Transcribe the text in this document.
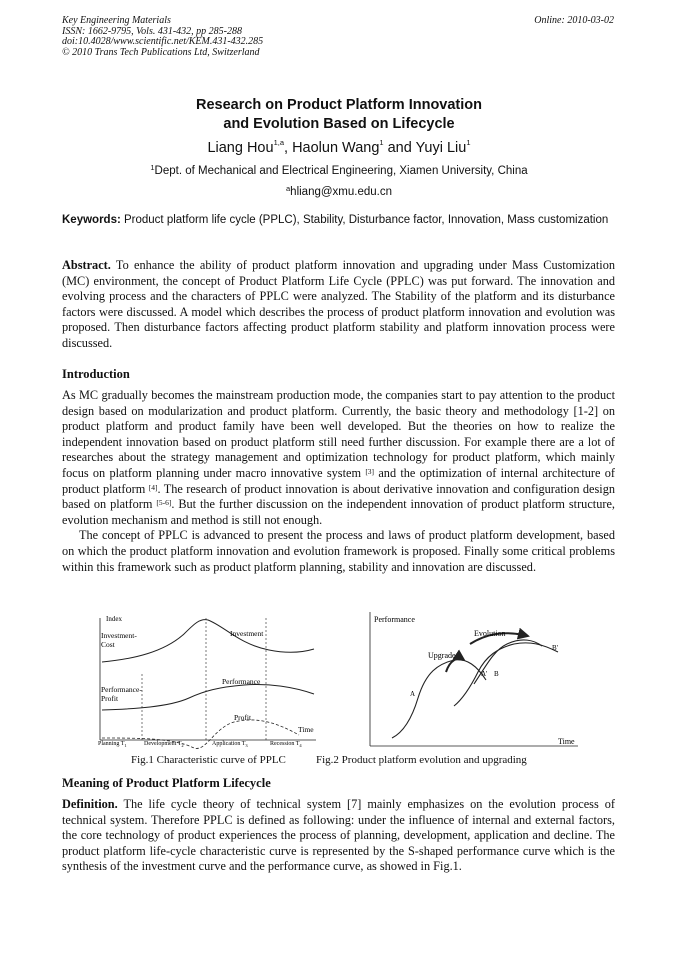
Key Engineering Materials
ISSN: 1662-9795, Vols. 431-432, pp 285-288
doi:10.4028/www.scientific.net/KEM.431-432.285
© 2010 Trans Tech Publications Ltd, Switzerland
Online: 2010-03-02
Research on Product Platform Innovation
and Evolution Based on Lifecycle
Liang Hou$^{1,a}$, Haolun Wang$^1$ and Yuyi Liu$^1$
$^1$Dept. of Mechanical and Electrical Engineering, Xiamen University, China
$^a$hliang@xmu.edu.cn
Keywords: Product platform life cycle (PPLC), Stability, Disturbance factor, Innovation, Mass customization
Abstract. To enhance the ability of product platform innovation and upgrading under Mass Customization (MC) environment, the concept of Product Platform Life Cycle (PPLC) was put forward. The innovation and evolving process and the characters of PPLC were analyzed. The Stability of the platform and its disturbance factors were discussed. A model which describes the process of product platform innovation and evolution was proposed. Then disturbance factors affecting product platform stability and platform innovation process were discussed.
Introduction
As MC gradually becomes the mainstream production mode, the companies start to pay attention to the product design based on modularization and product platform. Currently, the basic theory and methodology [1-2] on product platform and product family have been well developed. But the theories on how to realize the independent innovation based on product platform still need further discussion. For example there are a lot of researches about the strategy management and optimization technology for product platform, which mainly focus on platform planning under macro innovative system [3] and the optimization of internal architecture of product platform [4]. The research of product innovation is about derivative innovation and configuration design based on platform [5-6]. But the further discussion on the independent innovation of product platform structure, evolution mechanism and method is still not enough.
The concept of PPLC is advanced to present the process and laws of product platform development, based on which the product platform innovation and evolution framework is proposed. Finally some critical problems within this framework such as product platform planning, stability and innovation are discussed.
Index
Investment-
Cost
Investment
Performance
Performance-
Profit
Profit
Time
Planning $T_1$	Development $T_2$	Application $T_3$	Recession $T_4$
Performance
Evolution
Upgrade
A
A' B
B'
Time
Fig.1 Characteristic curve of PPLC	Fig.2 Product platform evolution and upgrading
Meaning of Product Platform Lifecycle
Definition. The life cycle theory of technical system [7] mainly emphasizes on the evolution process of technical system. Therefore PPLC is defined as following: under the influence of internal and external factors, the core technology of product experiences the process of planning, development, application and decline. The product platform life-cycle characteristic curve is represented by the S-shaped performance curve which is the synthesis of the investment curve and the performance curve, as showed in Fig.1.
